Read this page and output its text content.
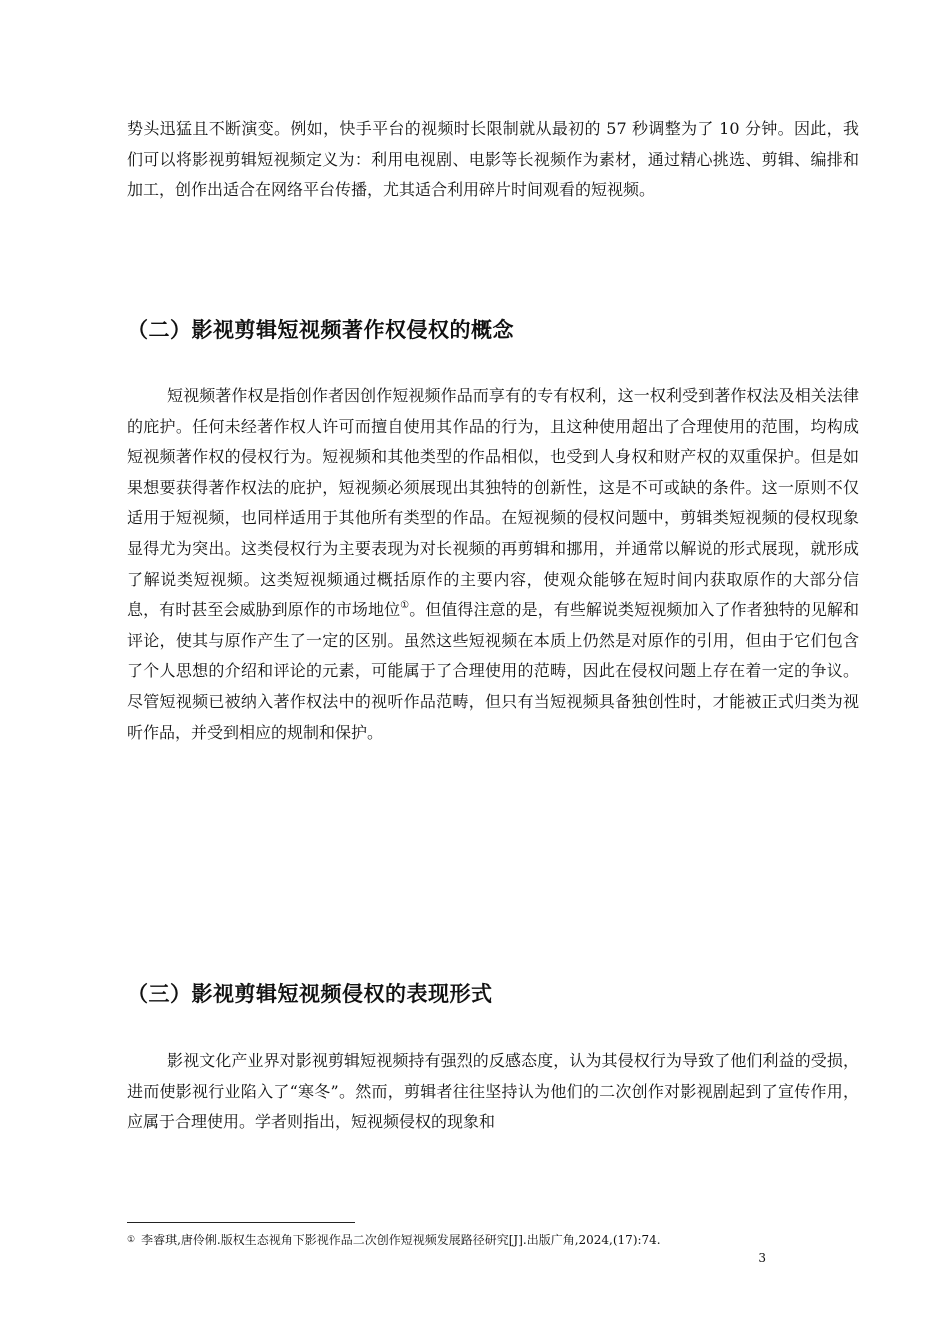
势头迅猛且不断演变。例如，快手平台的视频时长限制就从最初的 57 秒调整为了 10 分钟。因此，我们可以将影视剪辑短视频定义为：利用电视剧、电影等长视频作为素材，通过精心挑选、剪辑、编排和加工，创作出适合在网络平台传播，尤其适合利用碎片时间观看的短视频。

（二）影视剪辑短视频著作权侵权的概念

短视频著作权是指创作者因创作短视频作品而享有的专有权利，这一权利受到著作权法及相关法律的庇护。任何未经著作权人许可而擅自使用其作品的行为，且这种使用超出了合理使用的范围，均构成短视频著作权的侵权行为。短视频和其他类型的作品相似，也受到人身权和财产权的双重保护。但是如果想要获得著作权法的庇护，短视频必须展现出其独特的创新性，这是不可或缺的条件。这一原则不仅适用于短视频，也同样适用于其他所有类型的作品。在短视频的侵权问题中，剪辑类短视频的侵权现象显得尤为突出。这类侵权行为主要表现为对长视频的再剪辑和挪用，并通常以解说的形式展现，就形成了解说类短视频。这类短视频通过概括原作的主要内容，使观众能够在短时间内获取原作的大部分信息，有时甚至会威胁到原作的市场地位①。但值得注意的是，有些解说类短视频加入了作者独特的见解和评论，使其与原作产生了一定的区别。虽然这些短视频在本质上仍然是对原作的引用，但由于它们包含了个人思想的介绍和评论的元素，可能属于了合理使用的范畴，因此在侵权问题上存在着一定的争议。尽管短视频已被纳入著作权法中的视听作品范畴，但只有当短视频具备独创性时，才能被正式归类为视听作品，并受到相应的规制和保护。

（三）影视剪辑短视频侵权的表现形式

影视文化产业界对影视剪辑短视频持有强烈的反感态度，认为其侵权行为导致了他们利益的受损，进而使影视行业陷入了“寒冬”。然而，剪辑者往往坚持认为他们的二次创作对影视剧起到了宣传作用，应属于合理使用。学者则指出，短视频侵权的现象和

① 李睿琪,唐伶俐.版权生态视角下影视作品二次创作短视频发展路径研究[J].出版广角,2024,(17):74.

3
